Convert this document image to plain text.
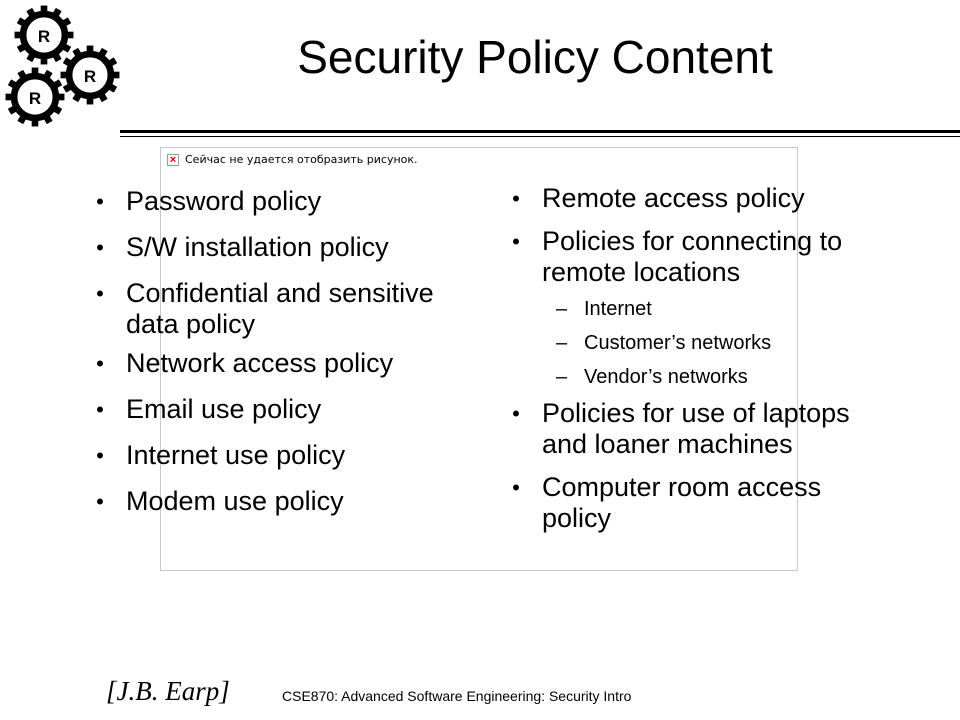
R
R
R
Security Policy Content
× Сейчас не удается отобразить рисунок.
• Password policy
• S/W installation policy
• Confidential and sensitive data policy
• Network access policy
• Email use policy
• Internet use policy
• Modem use policy
• Remote access policy
• Policies for connecting to remote locations
– Internet
– Customer’s networks
– Vendor’s networks
• Policies for use of laptops and loaner machines
• Computer room access policy
[J.B. Earp]	CSE870: Advanced Software Engineering: Security Intro
